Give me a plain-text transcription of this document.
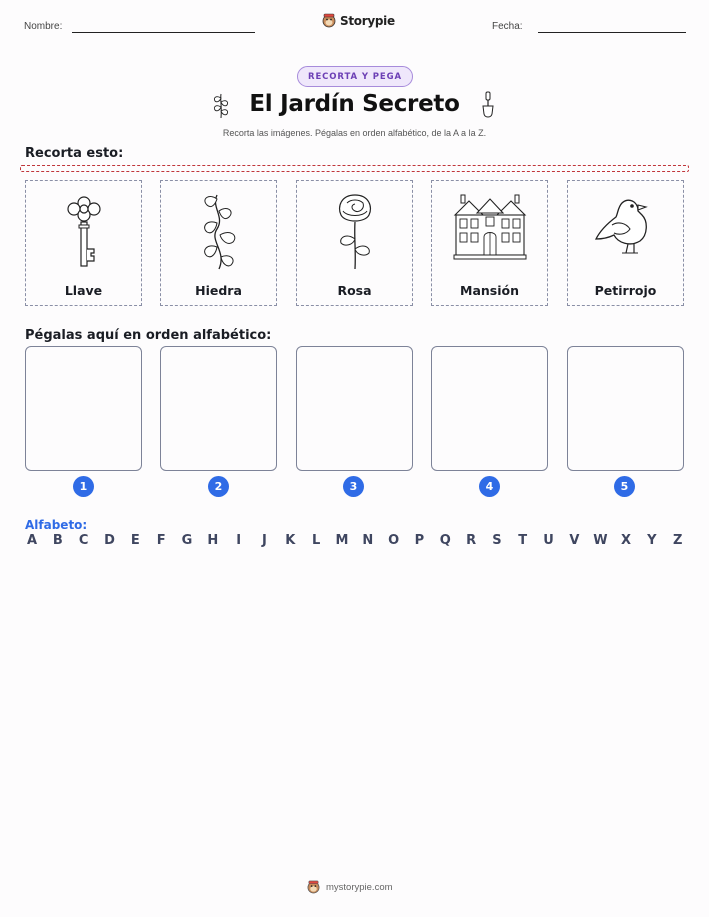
Nombre:	Storypie	Fecha:
RECORTA Y PEGA
El Jardín Secreto
Recorta las imágenes. Pégalas en orden alfabético, de la A a la Z.
Recorta esto:
Llave	Hiedra	Rosa	Mansión	Petirrojo
Pégalas aquí en orden alfabético:
1	2	3	4	5
Alfabeto:
A B C D E F G H	I	J	K L M N O P Q R S T U V W X Y Z
mystorypie.com
